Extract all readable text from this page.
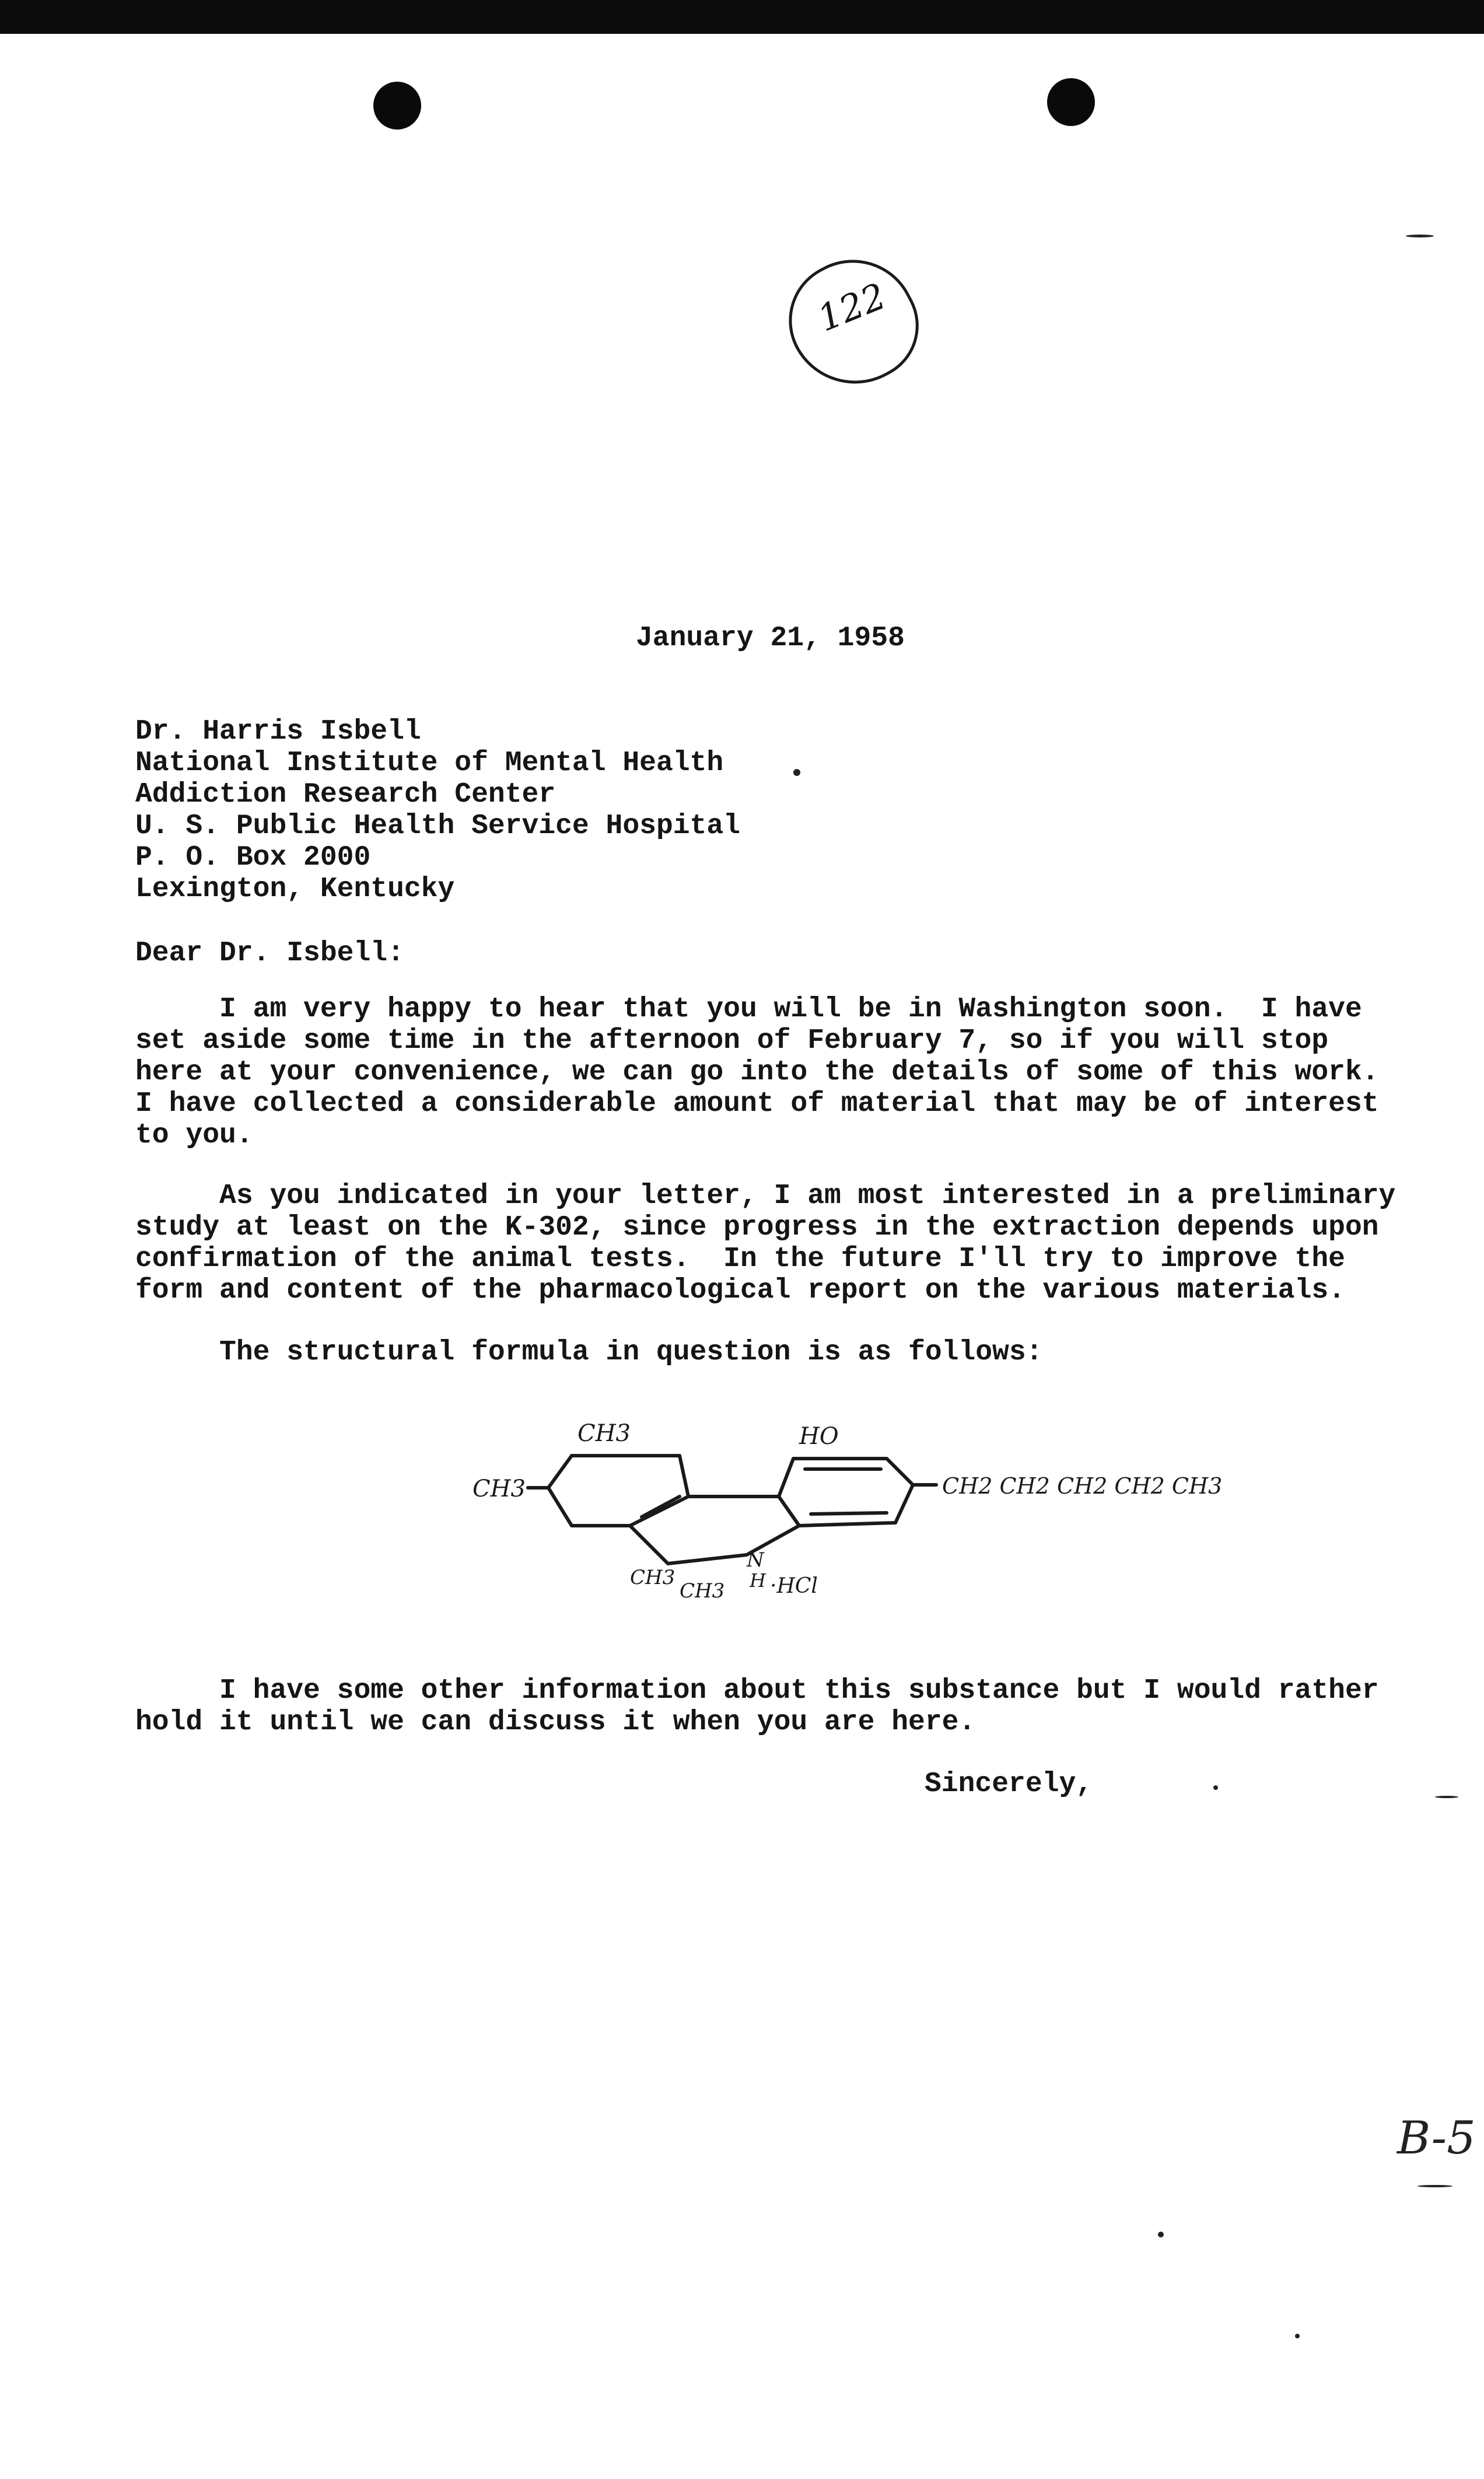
122
January 21, 1958
Dr. Harris Isbell
National Institute of Mental Health
Addiction Research Center
U. S. Public Health Service Hospital
P. O. Box 2000
Lexington, Kentucky
Dear Dr. Isbell:
I am very happy to hear that you will be in Washington soon.  I have
set aside some time in the afternoon of February 7, so if you will stop
here at your convenience, we can go into the details of some of this work.
I have collected a considerable amount of material that may be of interest
to you.
As you indicated in your letter, I am most interested in a preliminary
study at least on the K-302, since progress in the extraction depends upon
confirmation of the animal tests.  In the future I'll try to improve the
form and content of the pharmacological report on the various materials.
The structural formula in question is as follows:
CH3
CH3
HO
CH2 CH2 CH2 CH2 CH3
CH3
CH3
N
H ·HCl
I have some other information about this substance but I would rather
hold it until we can discuss it when you are here.
Sincerely,
B-5
